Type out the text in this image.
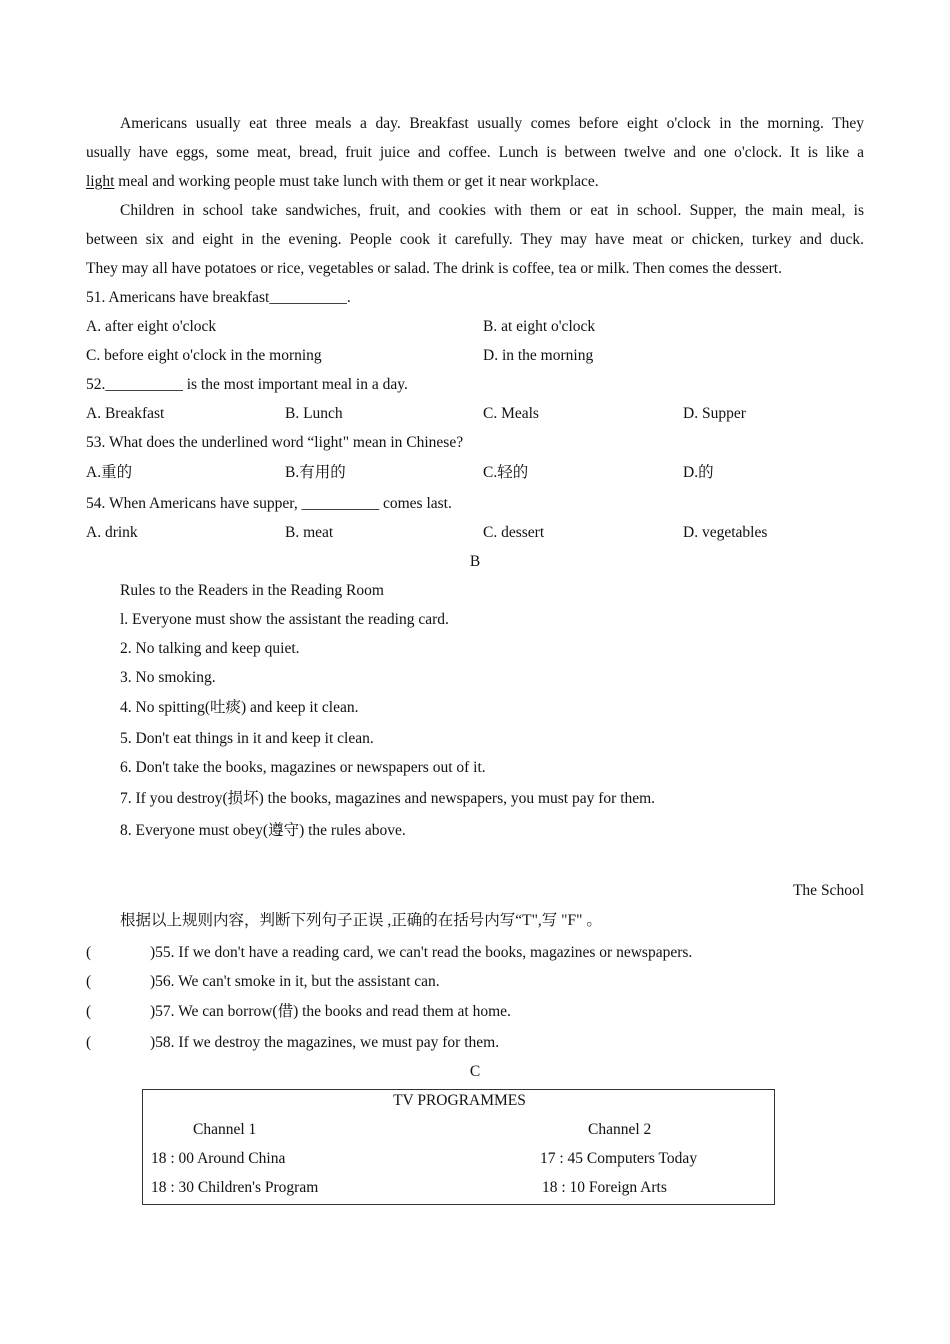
Americans usually eat three meals a day. Breakfast usually comes before eight o'clock in the morning. They
usually have eggs, some meat, bread, fruit juice and coffee. Lunch is between twelve and one o'clock. It is like a
light meal and working people must take lunch with them or get it near workplace.
Children in school take sandwiches, fruit, and cookies with them or eat in school. Supper, the main meal, is
between six and eight in the evening. People cook it carefully. They may have meat or chicken, turkey and duck.
They may all have potatoes or rice, vegetables or salad. The drink is coffee, tea or milk. Then comes the dessert.
51. Americans have breakfast__________.
A. after eight o'clock	B. at eight o'clock
C. before eight o'clock in the morning	D. in the morning
52.__________ is the most important meal in a day.
A. Breakfast	B. Lunch	C. Meals	D. Supper
53. What does the underlined word “light" mean in Chinese?
A.重的	B.有用的	C.轻的	D.的
54. When Americans have supper, __________ comes last.
A. drink	B. meat	C. dessert	D. vegetables
B
Rules to the Readers in the Reading Room
l. Everyone must show the assistant the reading card.
2. No talking and keep quiet.
3. No smoking.
4. No spitting(吐痰) and keep it clean.
5. Don't eat things in it and keep it clean.
6. Don't take the books, magazines or newspapers out of it.
7. If you destroy(损坏) the books, magazines and newspapers, you must pay for them.
8. Everyone must obey(遵守) the rules above.
The School
根据以上规则内容，判断下列句子正误 ,正确的在括号内写“T",写 "F" 。
(	)55. If we don't have a reading card, we can't read the books, magazines or newspapers.
(	)56. We can't smoke in it, but the assistant can.
(	)57. We can borrow(借) the books and read them at home.
(	)58. If we destroy the magazines, we must pay for them.
C
TV PROGRAMMES
Channel 1	Channel 2
18 : 00 Around China	17 : 45 Computers Today
18 : 30 Children's Program	18 : 10 Foreign Arts
